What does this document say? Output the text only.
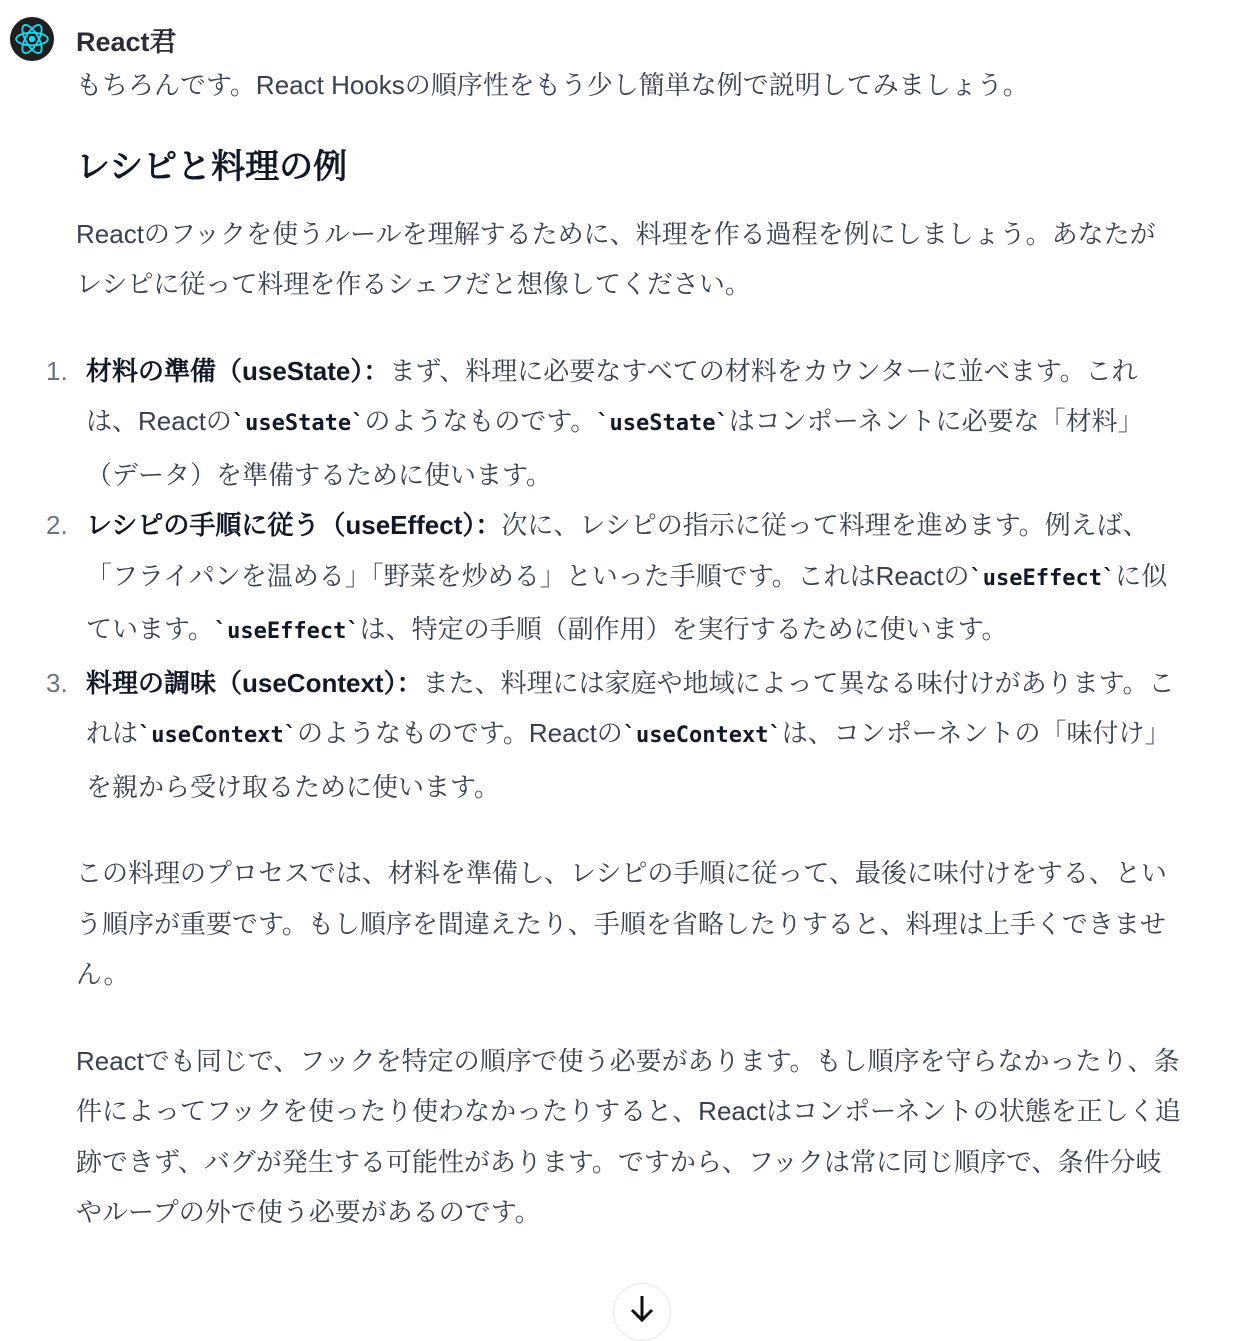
React君

もちろんです。React Hooksの順序性をもう少し簡単な例で説明してみましょう。

レシピと料理の例

Reactのフックを使うルールを理解するために、料理を作る過程を例にしましょう。あなたがレシピに従って料理を作るシェフだと想像してください。

1. 材料の準備（useState）：まず、料理に必要なすべての材料をカウンターに並べます。これは、Reactの`useState`のようなものです。`useState`はコンポーネントに必要な「材料」（データ）を準備するために使います。
2. レシピの手順に従う（useEffect）：次に、レシピの指示に従って料理を進めます。例えば、「フライパンを温める」「野菜を炒める」といった手順です。これはReactの`useEffect`に似ています。`useEffect`は、特定の手順（副作用）を実行するために使います。
3. 料理の調味（useContext）：また、料理には家庭や地域によって異なる味付けがあります。これは`useContext`のようなものです。Reactの`useContext`は、コンポーネントの「味付け」を親から受け取るために使います。

この料理のプロセスでは、材料を準備し、レシピの手順に従って、最後に味付けをする、という順序が重要です。もし順序を間違えたり、手順を省略したりすると、料理は上手くできません。

Reactでも同じで、フックを特定の順序で使う必要があります。もし順序を守らなかったり、条件によってフックを使ったり使わなかったりすると、Reactはコンポーネントの状態を正しく追跡できず、バグが発生する可能性があります。ですから、フックは常に同じ順序で、条件分岐やループの外で使う必要があるのです。
